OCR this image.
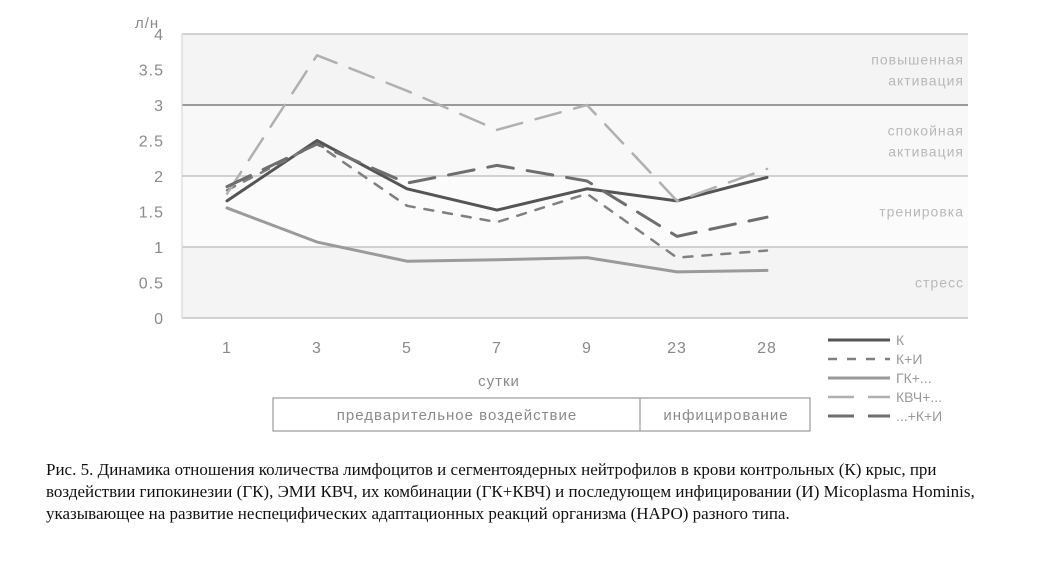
повышенная
активация
спокойная
активация
тренировка
стресс
0
0.5
1
1.5
2
2.5
3
3.5
4
1	3	5	7	9	23	28
л/н
сутки
К
К+И
ГК+...
КВЧ+...
...+К+И
предварительное воздействие	инфицирование

Рис. 5. Динамика отношения количества лимфоцитов и сегментоядерных нейтрофилов в крови контрольных (К) крыс, при воздействии гипокинезии (ГК), ЭМИ КВЧ, их комбинации (ГК+КВЧ) и последующем инфицировании (И) Micoplasma Hominis, указывающее на развитие неспецифических адаптационных реакций организма (НАРО) разного типа.
